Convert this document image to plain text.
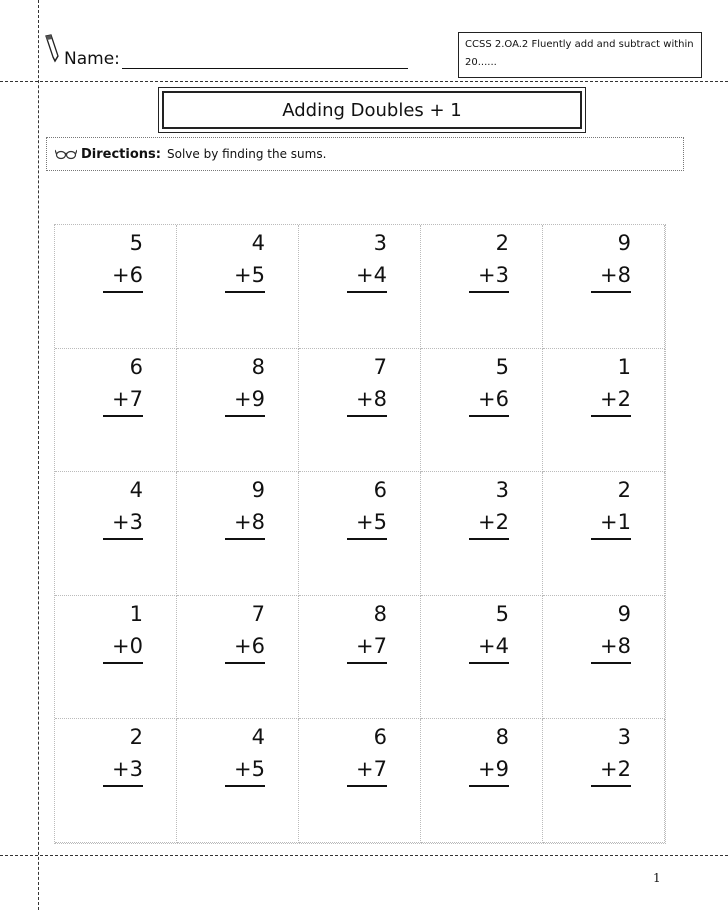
Name:
CCSS 2.OA.2 Fluently add and subtract within 20......
Adding Doubles + 1
Directions: Solve by finding the sums.
5
+6
4
+5
3
+4
2
+3
9
+8
6
+7
8
+9
7
+8
5
+6
1
+2
4
+3
9
+8
6
+5
3
+2
2
+1
1
+0
7
+6
8
+7
5
+4
9
+8
2
+3
4
+5
6
+7
8
+9
3
+2
1
